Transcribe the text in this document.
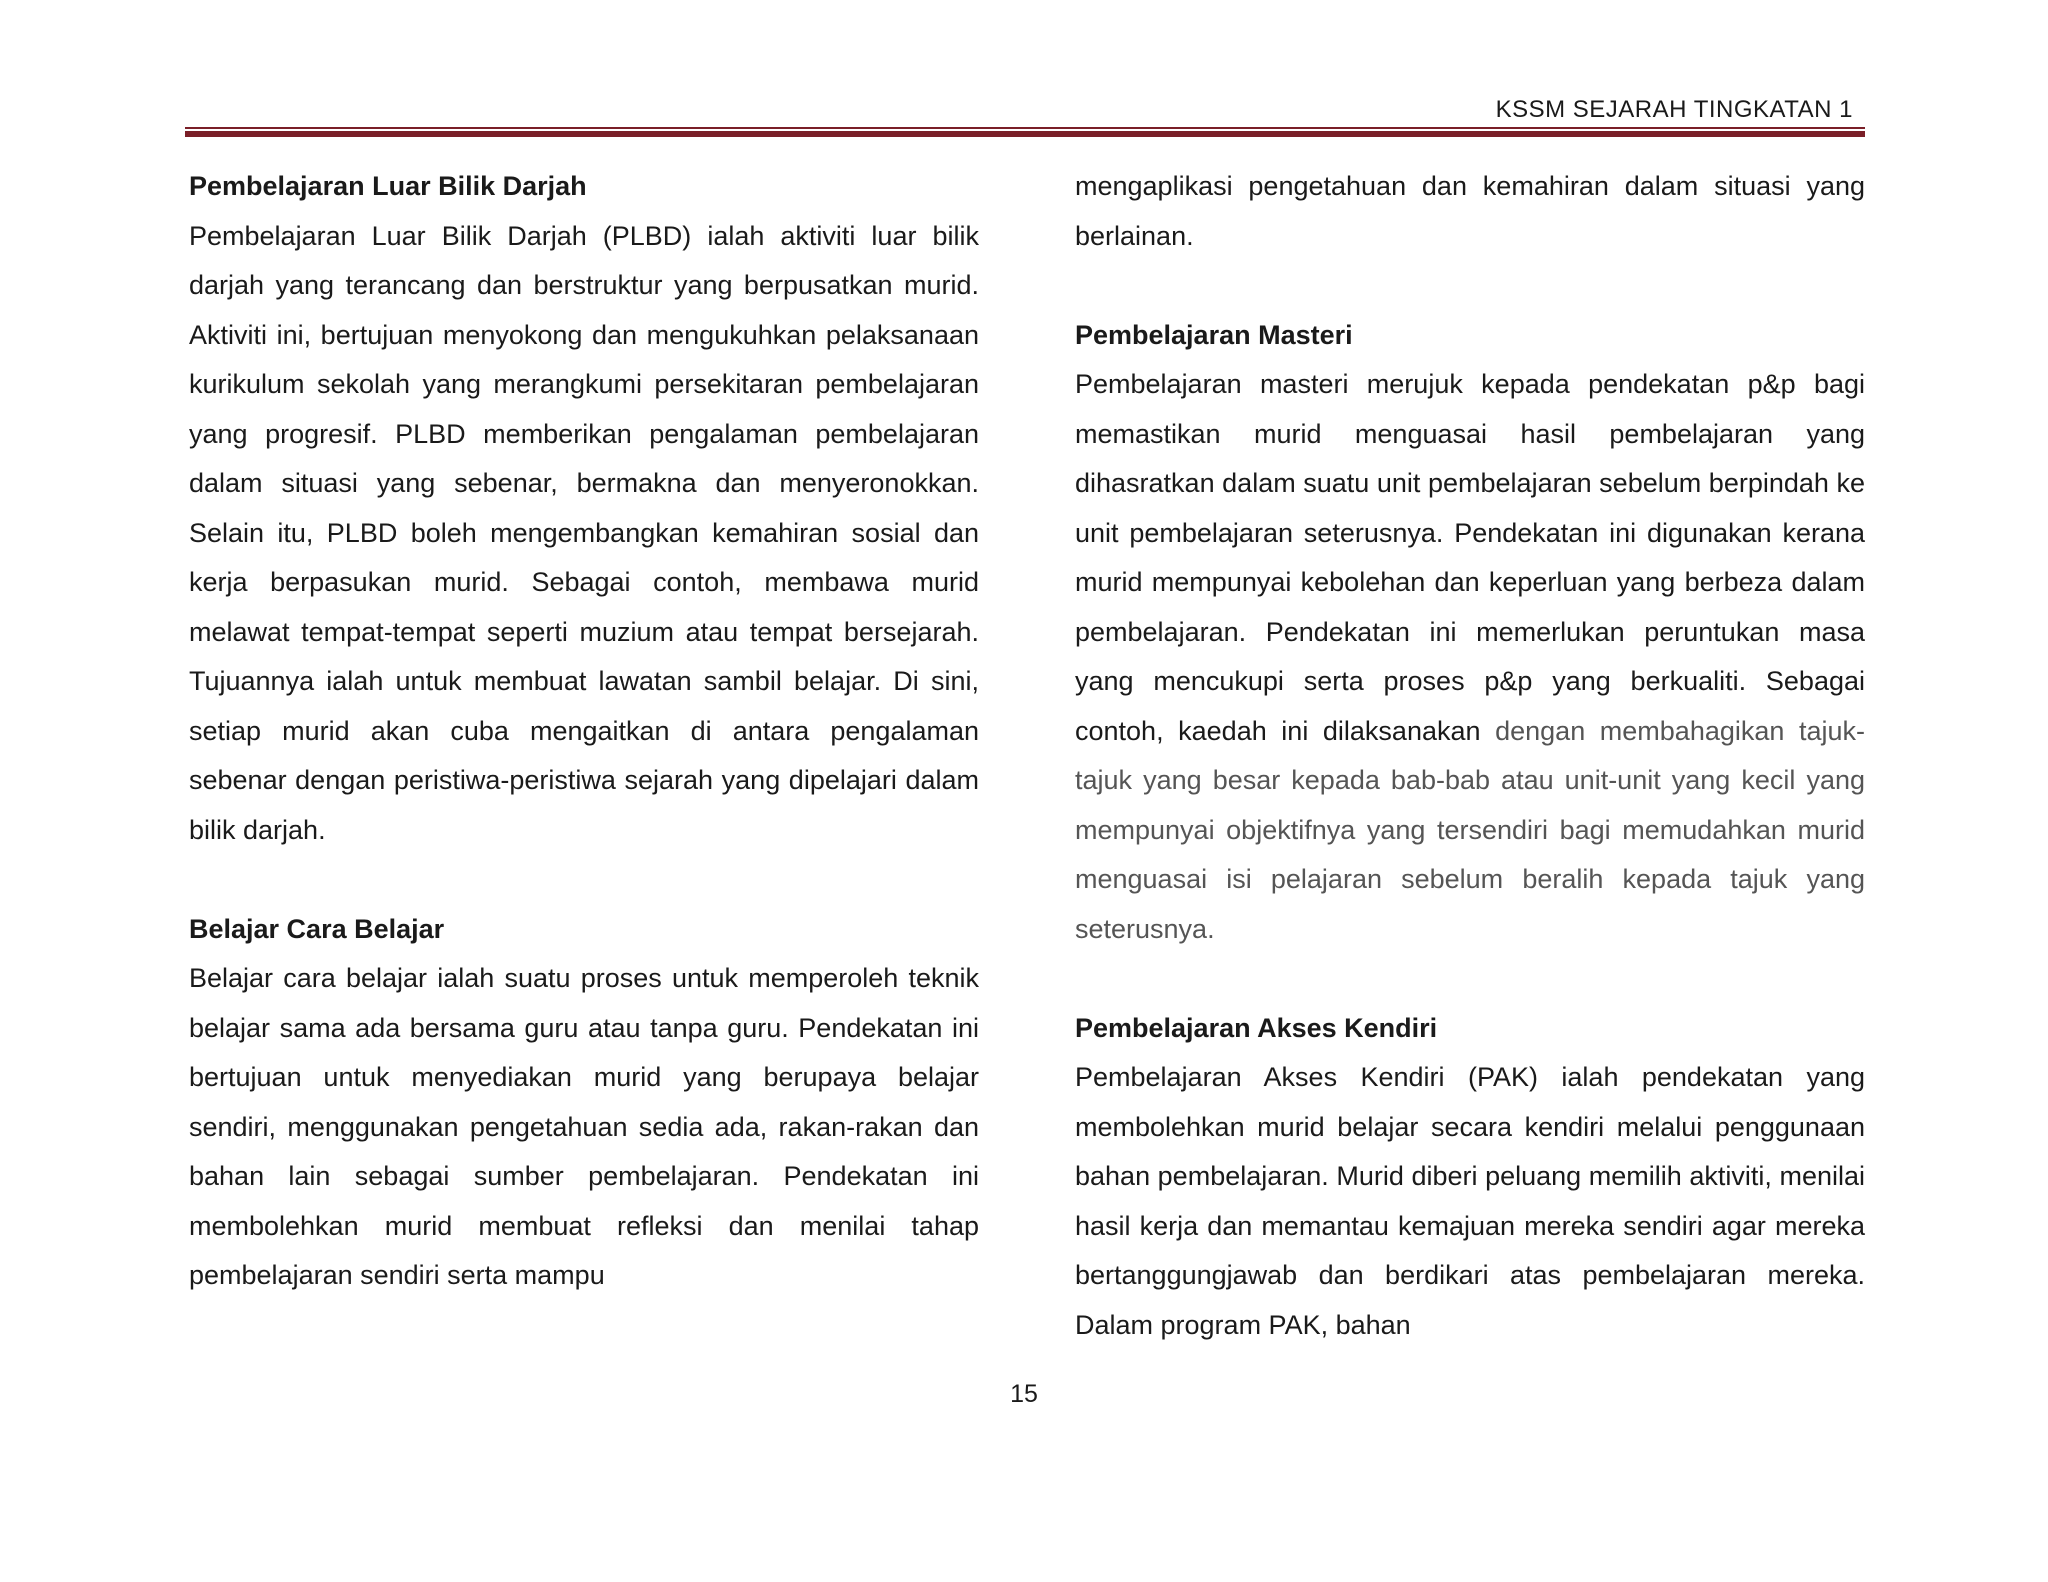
KSSM SEJARAH TINGKATAN 1

Pembelajaran Luar Bilik Darjah

Pembelajaran Luar Bilik Darjah (PLBD) ialah aktiviti luar bilik darjah yang terancang dan berstruktur yang berpusatkan murid. Aktiviti ini, bertujuan menyokong dan mengukuhkan pelaksanaan kurikulum sekolah yang merangkumi persekitaran pembelajaran yang progresif. PLBD memberikan pengalaman pembelajaran dalam situasi yang sebenar, bermakna dan menyeronokkan. Selain itu, PLBD boleh mengembangkan kemahiran sosial dan kerja berpasukan murid. Sebagai contoh, membawa murid melawat tempat-tempat seperti muzium atau tempat bersejarah. Tujuannya ialah untuk membuat lawatan sambil belajar. Di sini, setiap murid akan cuba mengaitkan di antara pengalaman sebenar dengan peristiwa-peristiwa sejarah yang dipelajari dalam bilik darjah.

Belajar Cara Belajar

Belajar cara belajar ialah suatu proses untuk memperoleh teknik belajar sama ada bersama guru atau tanpa guru. Pendekatan ini bertujuan untuk menyediakan murid yang berupaya belajar sendiri, menggunakan pengetahuan sedia ada, rakan-rakan dan bahan lain sebagai sumber pembelajaran. Pendekatan ini membolehkan murid membuat refleksi dan menilai tahap pembelajaran sendiri serta mampu

mengaplikasi pengetahuan dan kemahiran dalam situasi yang berlainan.

Pembelajaran Masteri

Pembelajaran masteri merujuk kepada pendekatan p&p bagi memastikan murid menguasai hasil pembelajaran yang dihasratkan dalam suatu unit pembelajaran sebelum berpindah ke unit pembelajaran seterusnya. Pendekatan ini digunakan kerana murid mempunyai kebolehan dan keperluan yang berbeza dalam pembelajaran. Pendekatan ini memerlukan peruntukan masa yang mencukupi serta proses p&p yang berkualiti. Sebagai contoh, kaedah ini dilaksanakan dengan membahagikan tajuk- tajuk yang besar kepada bab-bab atau unit-unit yang kecil yang mempunyai objektifnya yang tersendiri bagi memudahkan murid menguasai isi pelajaran sebelum beralih kepada tajuk yang seterusnya.

Pembelajaran Akses Kendiri

Pembelajaran Akses Kendiri (PAK) ialah pendekatan yang membolehkan murid belajar secara kendiri melalui penggunaan bahan pembelajaran. Murid diberi peluang memilih aktiviti, menilai hasil kerja dan memantau kemajuan mereka sendiri agar mereka bertanggungjawab dan berdikari atas pembelajaran mereka. Dalam program PAK, bahan

15
